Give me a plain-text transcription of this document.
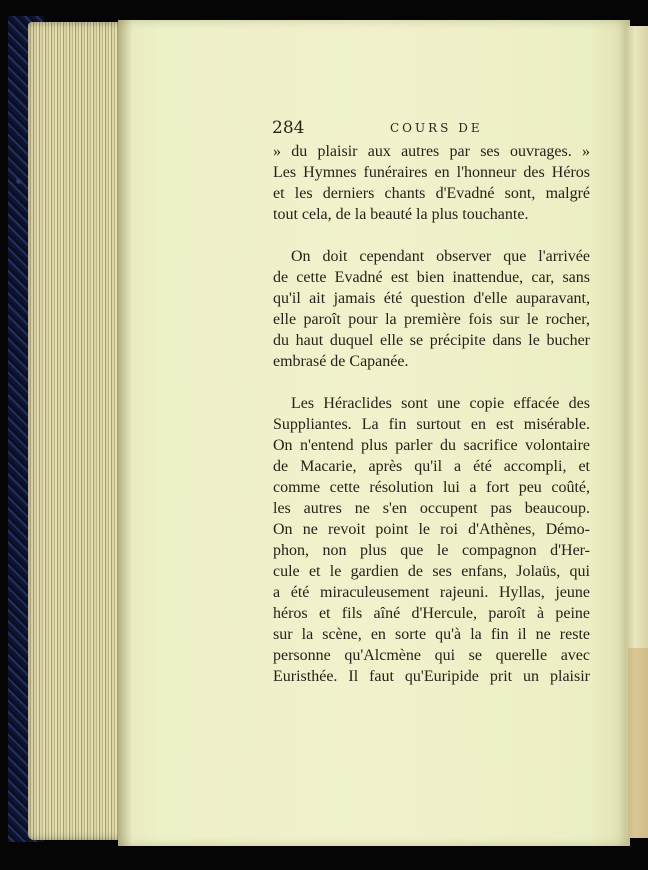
284	COURS DE
» du plaisir aux autres par ses ouvrages. »
Les Hymnes funéraires en l'honneur des Héros
et les derniers chants d'Evadné sont, malgré
tout cela, de la beauté la plus touchante.
On doit cependant observer que l'arrivée
de cette Evadné est bien inattendue, car, sans
qu'il ait jamais été question d'elle auparavant,
elle paroît pour la première fois sur le rocher,
du haut duquel elle se précipite dans le bucher
embrasé de Capanée.
Les Héraclides sont une copie effacée des
Suppliantes. La fin surtout en est misérable.
On n'entend plus parler du sacrifice volontaire
de Macarie, après qu'il a été accompli, et
comme cette résolution lui a fort peu coûté,
les autres ne s'en occupent pas beaucoup.
On ne revoit point le roi d'Athènes, Démo-
phon, non plus que le compagnon d'Her-
cule et le gardien de ses enfans, Jolaüs, qui
a été miraculeusement rajeuni. Hyllas, jeune
héros et fils aîné d'Hercule, paroît à peine
sur la scène, en sorte qu'à la fin il ne reste
personne qu'Alcmène qui se querelle avec
Euristhée. Il faut qu'Euripide prit un plaisir
